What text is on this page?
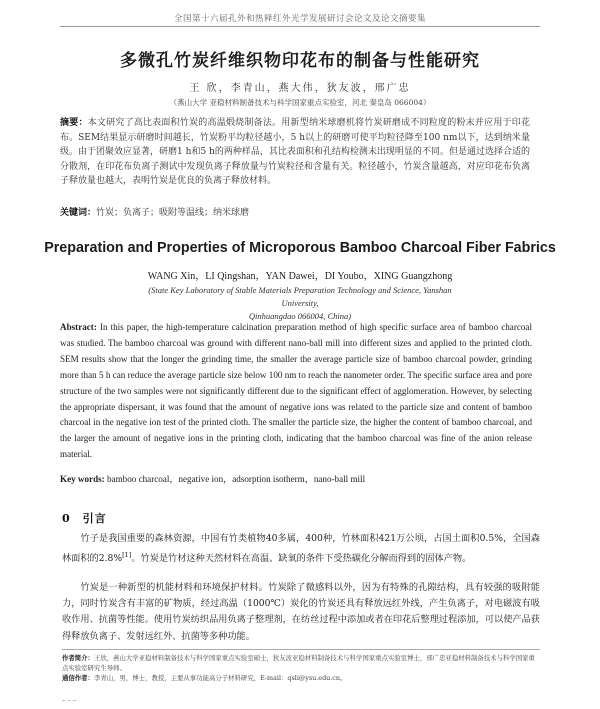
全国第十六届孔外和热释红外光学发展研讨会论文及论文摘要集
多微孔竹炭纤维织物印花布的制备与性能研究
王 欣，李青山，燕大伟，狄友波，邢广忠
（燕山大学 亚稳材料制备技术与科学国家重点实验室，河北 秦皇岛 066004）
摘要：本文研究了高比表面积竹炭的高温煅烧制备法。用新型纳米球磨机将竹炭研磨成不同粒度的粉末并应用于印花布。SEM结果显示研磨时间越长，竹炭粉平均粒径越小，5 h以上的研磨可使平均粒径降至100 nm以下，达到纳米量级。由于团聚效应显著，研磨1 h和5 h的两种样品，其比表面积和孔结构检测未出现明显的不同。但是通过选择合适的分散剂，在印花布负离子测试中发现负离子释放量与竹炭粒径和含量有关。粒径越小，竹炭含量越高，对应印花布负离子释放量也越大，表明竹炭是优良的负离子释放材料。
关键词：竹炭；负离子；吸附等温线；纳米球磨
Preparation and Properties of Microporous Bamboo Charcoal Fiber Fabrics
WANG Xin，LI Qingshan，YAN Dawei，DI Youbo，XING Guangzhong
(State Key Laboratory of Stable Materials Preparation Technology and Science, Yanshan University,
Qinhuangdao 066004, China)
Abstract: In this paper, the high-temperature calcination preparation method of high specific surface area of bamboo charcoal was studied. The bamboo charcoal was ground with different nano-ball mill into different sizes and applied to the printed cloth. SEM results show that the longer the grinding time, the smaller the average particle size of bamboo charcoal powder, grinding more than 5 h can reduce the average particle size below 100 nm to reach the nanometer order. The specific surface area and pore structure of the two samples were not significantly different due to the significant effect of agglomeration. However, by selecting the appropriate dispersant, it was found that the amount of negative ions was related to the particle size and content of bamboo charcoal in the negative ion test of the printed cloth. The smaller the particle size, the higher the content of bamboo charcoal, and the larger the amount of negative ions in the printing cloth, indicating that the bamboo charcoal was fine of the anion release material.
Key words: bamboo charcoal，negative ion，adsorption isotherm，nano-ball mill
0 引言
竹子是我国重要的森林资源，中国有竹类植物40多属，400种，竹林面积421万公顷，占国土面积0.5%，全国森林面积的2.8%[1]。竹炭是竹材这种天然材料在高温、缺氧的条件下受热碳化分解而得到的固体产物。
竹炭是一种新型的机能材料和环境保护材料。竹炭除了微感料以外，因为有特殊的孔隙结构，具有较强的吸附能力，同时竹炭含有丰富的矿物质，经过高温（1000℃）炭化的竹炭还具有释放远红外线，产生负离子，对电磁波有吸收作用、抗菌等性能。使用竹炭纺织品用负离子整理剂，在纺丝过程中添加或者在印花后整理过程添加，可以使产品获得释放负离子、发射远红外、抗菌等多种功能。
作者简介：王欣，燕山大学亚稳材料制备技术与科学国家重点实验室硕士，狄友波亚稳材料制备技术与科学国家重点实验室博士，邢广忠亚稳材料制备技术与科学国家重点实验室研究生导师。
通信作者：李青山，男，博士，教授，主要从事功能高分子材料研究，E-mail：qsli@ysu.edu.cn。
